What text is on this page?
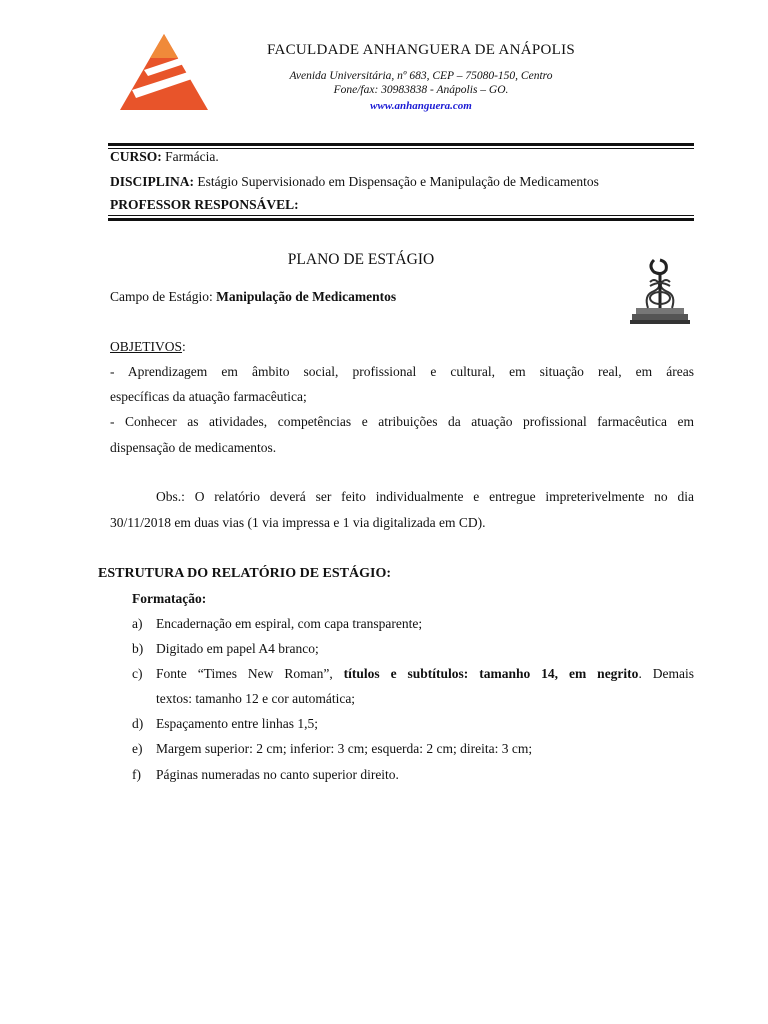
FACULDADE ANHANGUERA DE ANÁPOLIS
Avenida Universitária, nº 683, CEP – 75080-150, Centro
Fone/fax: 30983838 - Anápolis – GO.
www.anhanguera.com
CURSO: Farmácia.
DISCIPLINA: Estágio Supervisionado em Dispensação e Manipulação de Medicamentos
PROFESSOR RESPONSÁVEL:
PLANO DE ESTÁGIO
Campo de Estágio: Manipulação de Medicamentos
OBJETIVOS:
- Aprendizagem em âmbito social, profissional e cultural, em situação real, em áreas
específicas da atuação farmacêutica;
- Conhecer as atividades, competências e atribuições da atuação profissional farmacêutica em
dispensação de medicamentos.
Obs.: O relatório deverá ser feito individualmente e entregue impreterivelmente no dia
30/11/2018 em duas vias (1 via impressa e 1 via digitalizada em CD).
ESTRUTURA DO RELATÓRIO DE ESTÁGIO:
Formatação:
a) Encadernação em espiral, com capa transparente;
b) Digitado em papel A4 branco;
c) Fonte “Times New Roman”, títulos e subtítulos: tamanho 14, em negrito. Demais
textos: tamanho 12 e cor automática;
d) Espaçamento entre linhas 1,5;
e) Margem superior: 2 cm; inferior: 3 cm; esquerda: 2 cm; direita: 3 cm;
f) Páginas numeradas no canto superior direito.
